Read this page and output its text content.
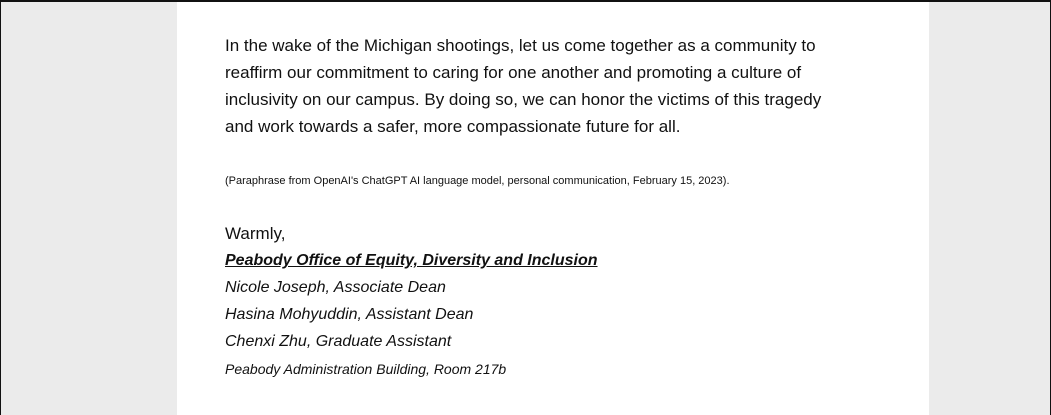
In the wake of the Michigan shootings, let us come together as a community to
reaffirm our commitment to caring for one another and promoting a culture of
inclusivity on our campus. By doing so, we can honor the victims of this tragedy
and work towards a safer, more compassionate future for all.

(Paraphrase from OpenAI's ChatGPT AI language model, personal communication, February 15, 2023).

Warmly,

Peabody Office of Equity, Diversity and Inclusion
Nicole Joseph, Associate Dean
Hasina Mohyuddin, Assistant Dean
Chenxi Zhu, Graduate Assistant
Peabody Administration Building, Room 217b
